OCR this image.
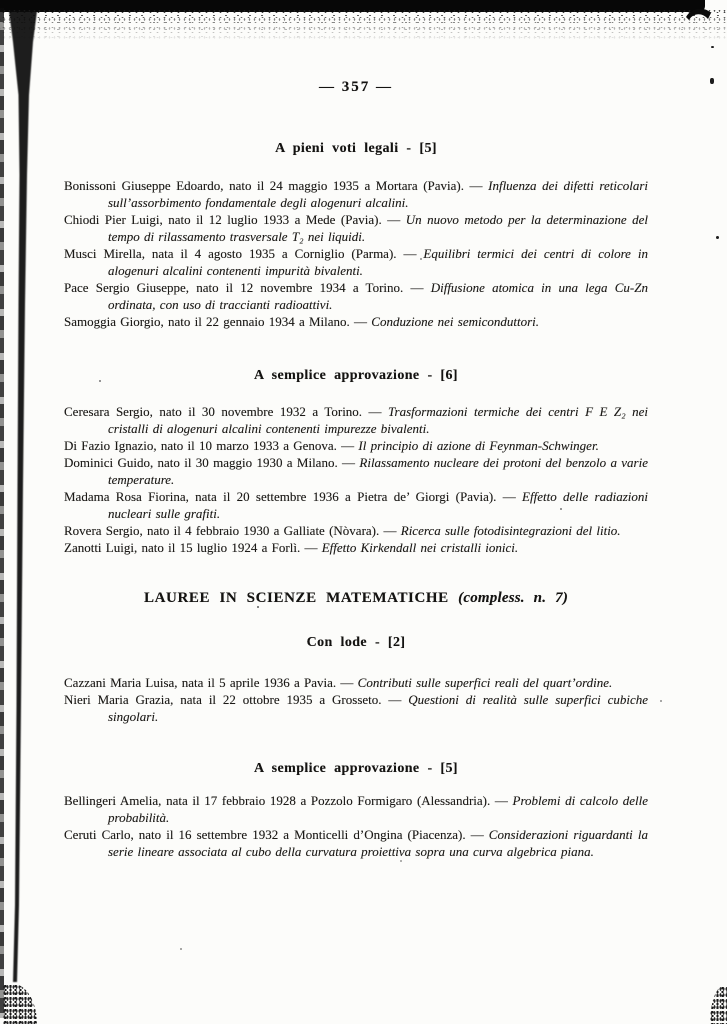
— 357 —
A pieni voti legali - [5]

Bonissoni Giuseppe Edoardo, nato il 24 maggio 1935 a Mortara (Pavia). — Influenza dei difetti reticolari sull’assorbimento fondamentale degli alogenuri alcalini.

Chiodi Pier Luigi, nato il 12 luglio 1933 a Mede (Pavia). — Un nuovo metodo per la determinazione del tempo di rilassamento trasversale T₂ nei liquidi.

Musci Mirella, nata il 4 agosto 1935 a Corniglio (Parma). — Equilibri termici dei centri di colore in alogenuri alcalini contenenti impurità bivalenti.

Pace Sergio Giuseppe, nato il 12 novembre 1934 a Torino. — Diffusione atomica in una lega Cu-Zn ordinata, con uso di traccianti radioattivi.

Samoggia Giorgio, nato il 22 gennaio 1934 a Milano. — Conduzione nei semiconduttori.

A semplice approvazione - [6]

Ceresara Sergio, nato il 30 novembre 1932 a Torino. — Trasformazioni termiche dei centri F E Z₂ nei cristalli di alogenuri alcalini contenenti impurezze bivalenti.

Di Fazio Ignazio, nato il 10 marzo 1933 a Genova. — Il principio di azione di Feynman-Schwinger.

Dominici Guido, nato il 30 maggio 1930 a Milano. — Rilassamento nucleare dei protoni del benzolo a varie temperature.

Madama Rosa Fiorina, nata il 20 settembre 1936 a Pietra de’ Giorgi (Pavia). — Effetto delle radiazioni nucleari sulle grafiti.

Rovera Sergio, nato il 4 febbraio 1930 a Galliate (Nòvara). — Ricerca sulle fotodisintegrazioni del litio.

Zanotti Luigi, nato il 15 luglio 1924 a Forlì. — Effetto Kirkendall nei cristalli ionici.

LAUREE IN SCIENZE MATEMATICHE (compless. n. 7)
Con lode - [2]

Cazzani Maria Luisa, nata il 5 aprile 1936 a Pavia. — Contributi sulle superfici reali del quart’ordine.

Nieri Maria Grazia, nata il 22 ottobre 1935 a Grosseto. — Questioni di realità sulle superfici cubiche singolari.

A semplice approvazione - [5]

Bellingeri Amelia, nata il 17 febbraio 1928 a Pozzolo Formigaro (Alessandria). — Problemi di calcolo delle probabilità.

Ceruti Carlo, nato il 16 settembre 1932 a Monticelli d’Ongina (Piacenza). — Considerazioni riguardanti la serie lineare associata al cubo della curvatura proiettiva sopra una curva algebrica piana.
